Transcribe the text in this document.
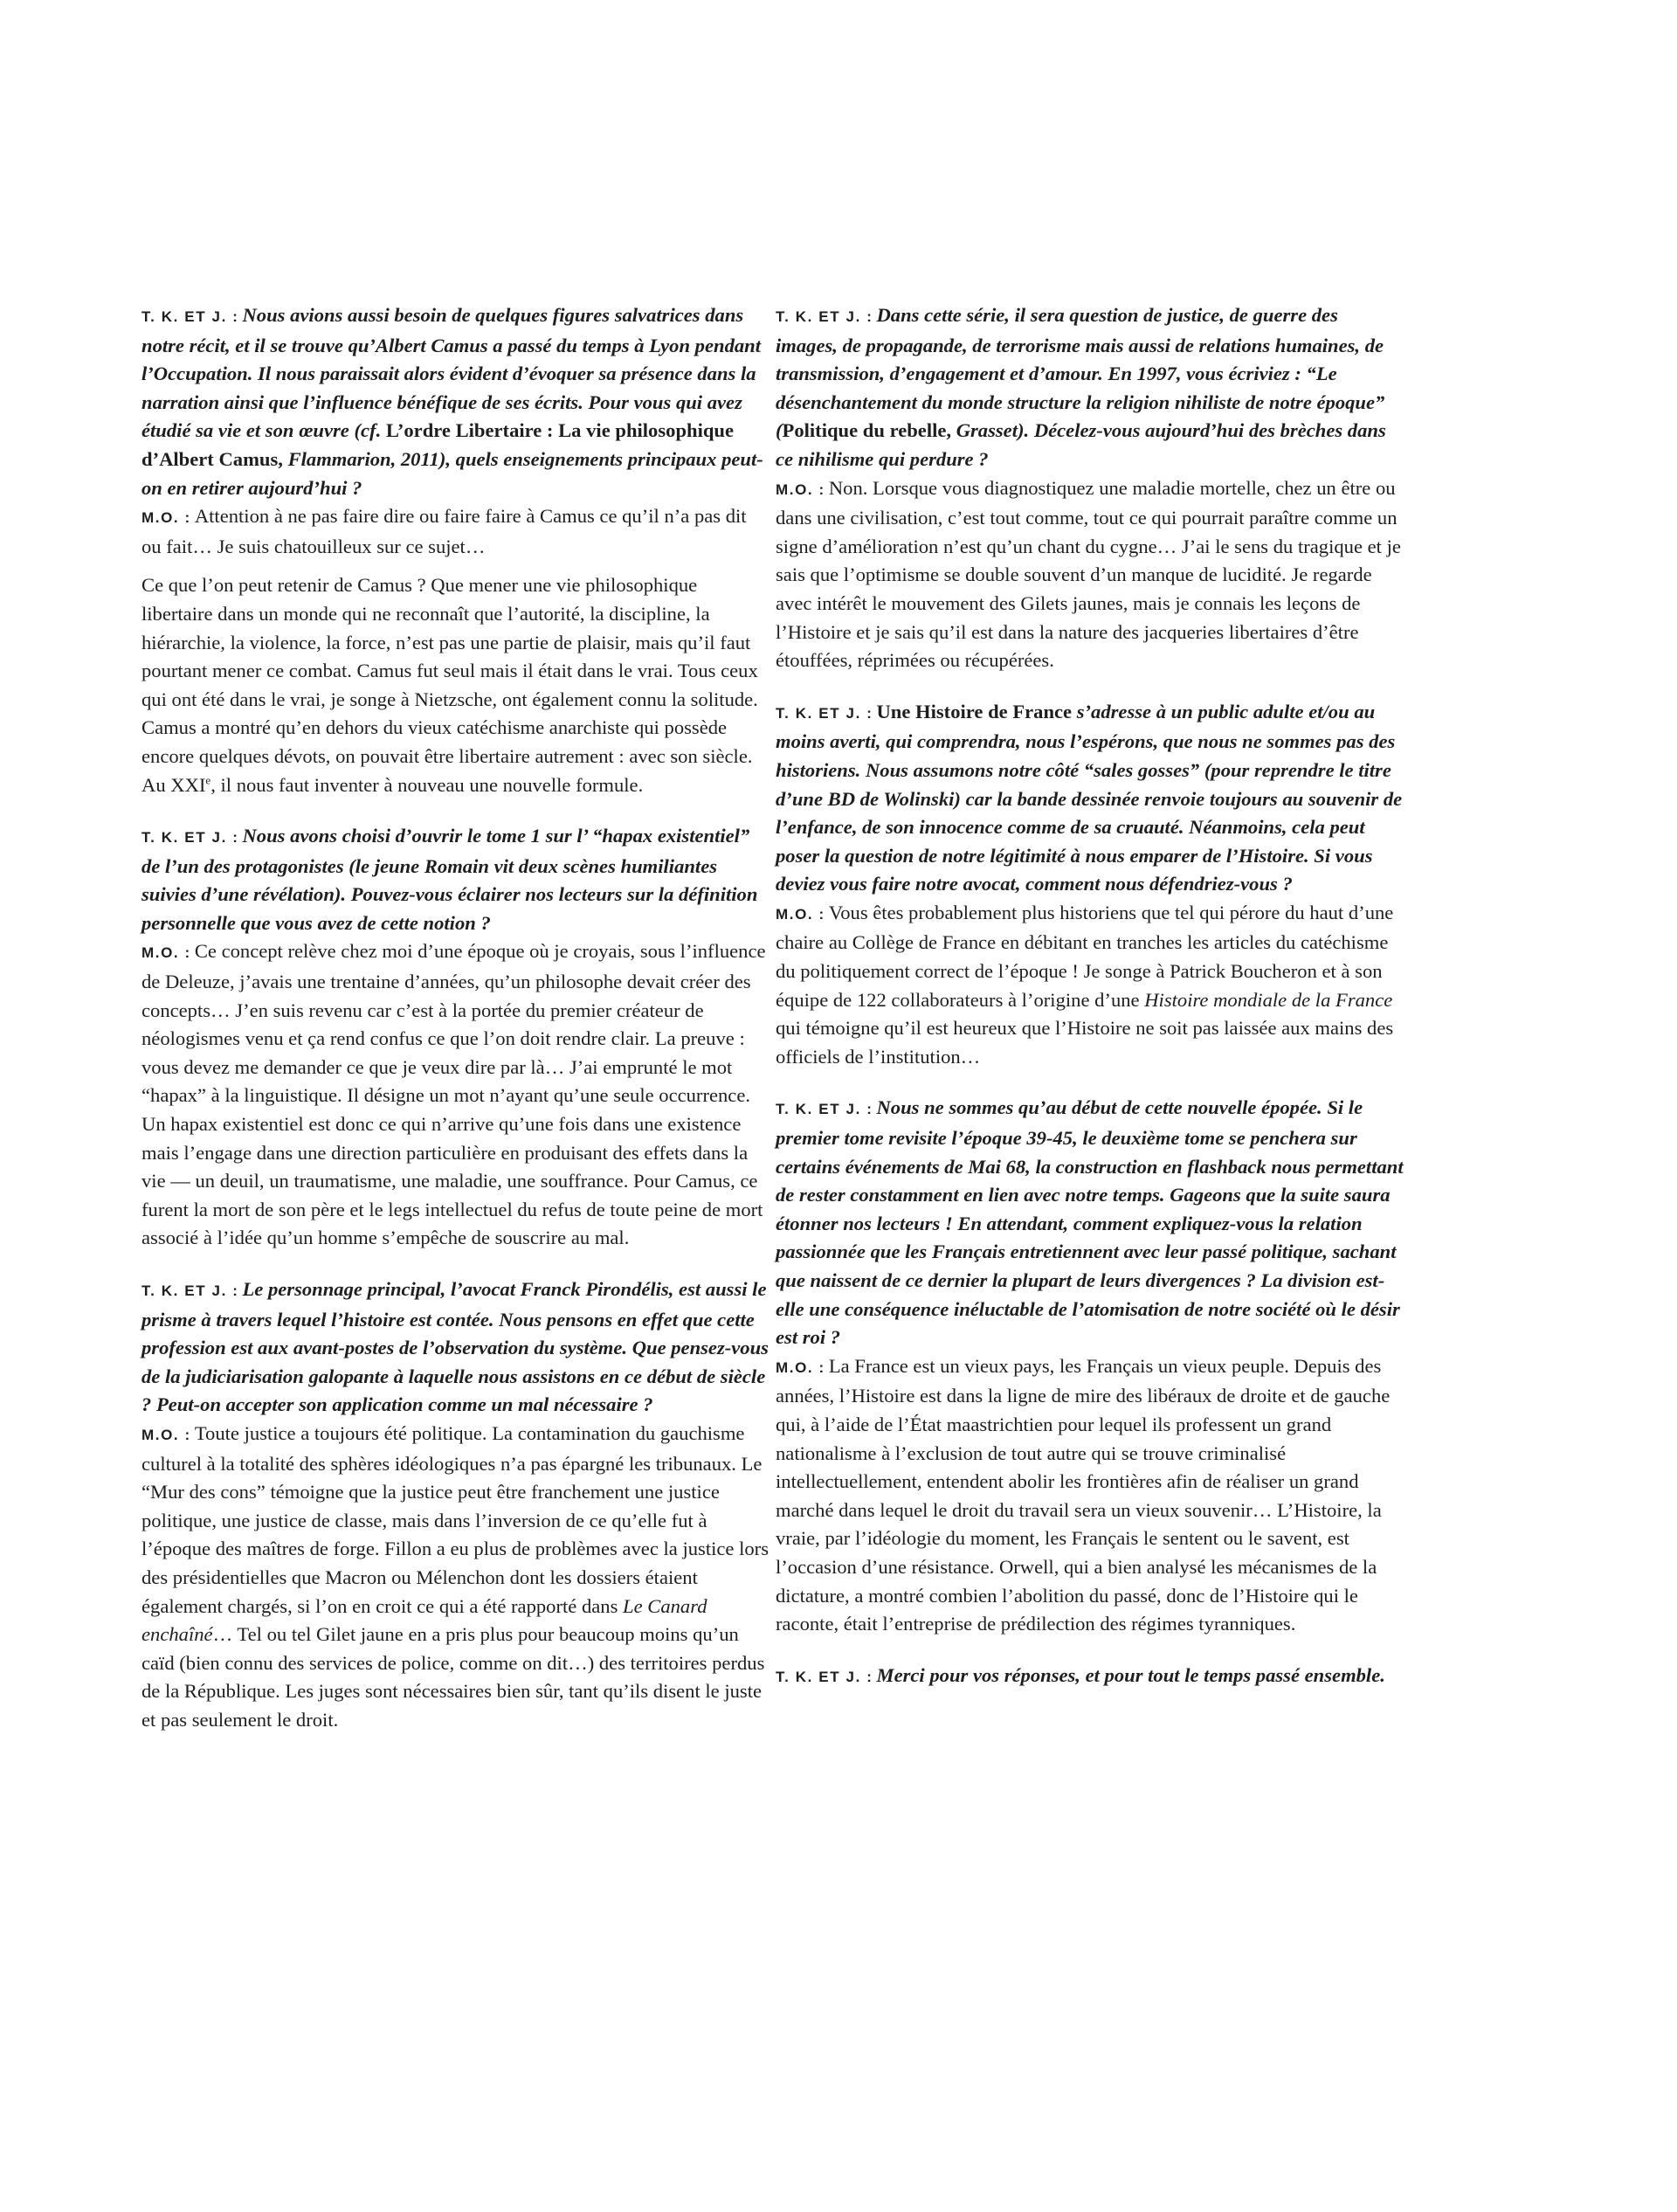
T. K. ET J. : Nous avions aussi besoin de quelques figures salvatrices dans notre récit, et il se trouve qu’Albert Camus a passé du temps à Lyon pendant l’Occupation. Il nous paraissait alors évident d’évoquer sa présence dans la narration ainsi que l’influence bénéfique de ses écrits. Pour vous qui avez étudié sa vie et son œuvre (cf. L’ordre Libertaire : La vie philosophique d’Albert Camus, Flammarion, 2011), quels enseignements principaux peut-on en retirer aujourd’hui ?

M.O. : Attention à ne pas faire dire ou faire faire à Camus ce qu’il n’a pas dit ou fait… Je suis chatouilleux sur ce sujet…

Ce que l’on peut retenir de Camus ? Que mener une vie philosophique libertaire dans un monde qui ne reconnaît que l’autorité, la discipline, la hiérarchie, la violence, la force, n’est pas une partie de plaisir, mais qu’il faut pourtant mener ce combat. Camus fut seul mais il était dans le vrai. Tous ceux qui ont été dans le vrai, je songe à Nietzsche, ont également connu la solitude. Camus a montré qu’en dehors du vieux catéchisme anarchiste qui possède encore quelques dévots, on pouvait être libertaire autrement : avec son siècle. Au XXIe, il nous faut inventer à nouveau une nouvelle formule.

T. K. ET J. : Nous avons choisi d’ouvrir le tome 1 sur l’ “hapax existentiel” de l’un des protagonistes (le jeune Romain vit deux scènes humiliantes suivies d’une révélation). Pouvez-vous éclairer nos lecteurs sur la définition personnelle que vous avez de cette notion ?

M.O. : Ce concept relève chez moi d’une époque où je croyais, sous l’influence de Deleuze, j’avais une trentaine d’années, qu’un philosophe devait créer des concepts… J’en suis revenu car c’est à la portée du premier créateur de néologismes venu et ça rend confus ce que l’on doit rendre clair. La preuve : vous devez me demander ce que je veux dire par là… J’ai emprunté le mot “hapax” à la linguistique. Il désigne un mot n’ayant qu’une seule occurrence. Un hapax existentiel est donc ce qui n’arrive qu’une fois dans une existence mais l’engage dans une direction particulière en produisant des effets dans la vie — un deuil, un traumatisme, une maladie, une souffrance. Pour Camus, ce furent la mort de son père et le legs intellectuel du refus de toute peine de mort associé à l’idée qu’un homme s’empêche de souscrire au mal.

T. K. ET J. : Le personnage principal, l’avocat Franck Pirondélis, est aussi le prisme à travers lequel l’histoire est contée. Nous pensons en effet que cette profession est aux avant-postes de l’observation du système. Que pensez-vous de la judiciarisation galopante à laquelle nous assistons en ce début de siècle ? Peut-on accepter son application comme un mal nécessaire ?

M.O. : Toute justice a toujours été politique. La contamination du gauchisme culturel à la totalité des sphères idéologiques n’a pas épargné les tribunaux. Le “Mur des cons” témoigne que la justice peut être franchement une justice politique, une justice de classe, mais dans l’inversion de ce qu’elle fut à l’époque des maîtres de forge. Fillon a eu plus de problèmes avec la justice lors des présidentielles que Macron ou Mélenchon dont les dossiers étaient également chargés, si l’on en croit ce qui a été rapporté dans Le Canard enchaîné… Tel ou tel Gilet jaune en a pris plus pour beaucoup moins qu’un caïd (bien connu des services de police, comme on dit…) des territoires perdus de la République. Les juges sont nécessaires bien sûr, tant qu’ils disent le juste et pas seulement le droit.

T. K. ET J. : Dans cette série, il sera question de justice, de guerre des images, de propagande, de terrorisme mais aussi de relations humaines, de transmission, d’engagement et d’amour. En 1997, vous écriviez : “Le désenchantement du monde structure la religion nihiliste de notre époque” (Politique du rebelle, Grasset). Décelez-vous aujourd’hui des brèches dans ce nihilisme qui perdure ?

M.O. : Non. Lorsque vous diagnostiquez une maladie mortelle, chez un être ou dans une civilisation, c’est tout comme, tout ce qui pourrait paraître comme un signe d’amélioration n’est qu’un chant du cygne… J’ai le sens du tragique et je sais que l’optimisme se double souvent d’un manque de lucidité. Je regarde avec intérêt le mouvement des Gilets jaunes, mais je connais les leçons de l’Histoire et je sais qu’il est dans la nature des jacqueries libertaires d’être étouffées, réprimées ou récupérées.

T. K. ET J. : Une Histoire de France s’adresse à un public adulte et/ou au moins averti, qui comprendra, nous l’espérons, que nous ne sommes pas des historiens. Nous assumons notre côté “sales gosses” (pour reprendre le titre d’une BD de Wolinski) car la bande dessinée renvoie toujours au souvenir de l’enfance, de son innocence comme de sa cruauté. Néanmoins, cela peut poser la question de notre légitimité à nous emparer de l’Histoire. Si vous deviez vous faire notre avocat, comment nous défendriez-vous ?

M.O. : Vous êtes probablement plus historiens que tel qui pérore du haut d’une chaire au Collège de France en débitant en tranches les articles du catéchisme du politiquement correct de l’époque ! Je songe à Patrick Boucheron et à son équipe de 122 collaborateurs à l’origine d’une Histoire mondiale de la France qui témoigne qu’il est heureux que l’Histoire ne soit pas laissée aux mains des officiels de l’institution…

T. K. ET J. : Nous ne sommes qu’au début de cette nouvelle épopée. Si le premier tome revisite l’époque 39-45, le deuxième tome se penchera sur certains événements de Mai 68, la construction en flashback nous permettant de rester constamment en lien avec notre temps. Gageons que la suite saura étonner nos lecteurs ! En attendant, comment expliquez-vous la relation passionnée que les Français entretiennent avec leur passé politique, sachant que naissent de ce dernier la plupart de leurs divergences ? La division est-elle une conséquence inéluctable de l’atomisation de notre société où le désir est roi ?

M.O. : La France est un vieux pays, les Français un vieux peuple. Depuis des années, l’Histoire est dans la ligne de mire des libéraux de droite et de gauche qui, à l’aide de l’État maastrichtien pour lequel ils professent un grand nationalisme à l’exclusion de tout autre qui se trouve criminalisé intellectuellement, entendent abolir les frontières afin de réaliser un grand marché dans lequel le droit du travail sera un vieux souvenir… L’Histoire, la vraie, par l’idéologie du moment, les Français le sentent ou le savent, est l’occasion d’une résistance. Orwell, qui a bien analysé les mécanismes de la dictature, a montré combien l’abolition du passé, donc de l’Histoire qui le raconte, était l’entreprise de prédilection des régimes tyranniques.

T. K. ET J. : Merci pour vos réponses, et pour tout le temps passé ensemble.
